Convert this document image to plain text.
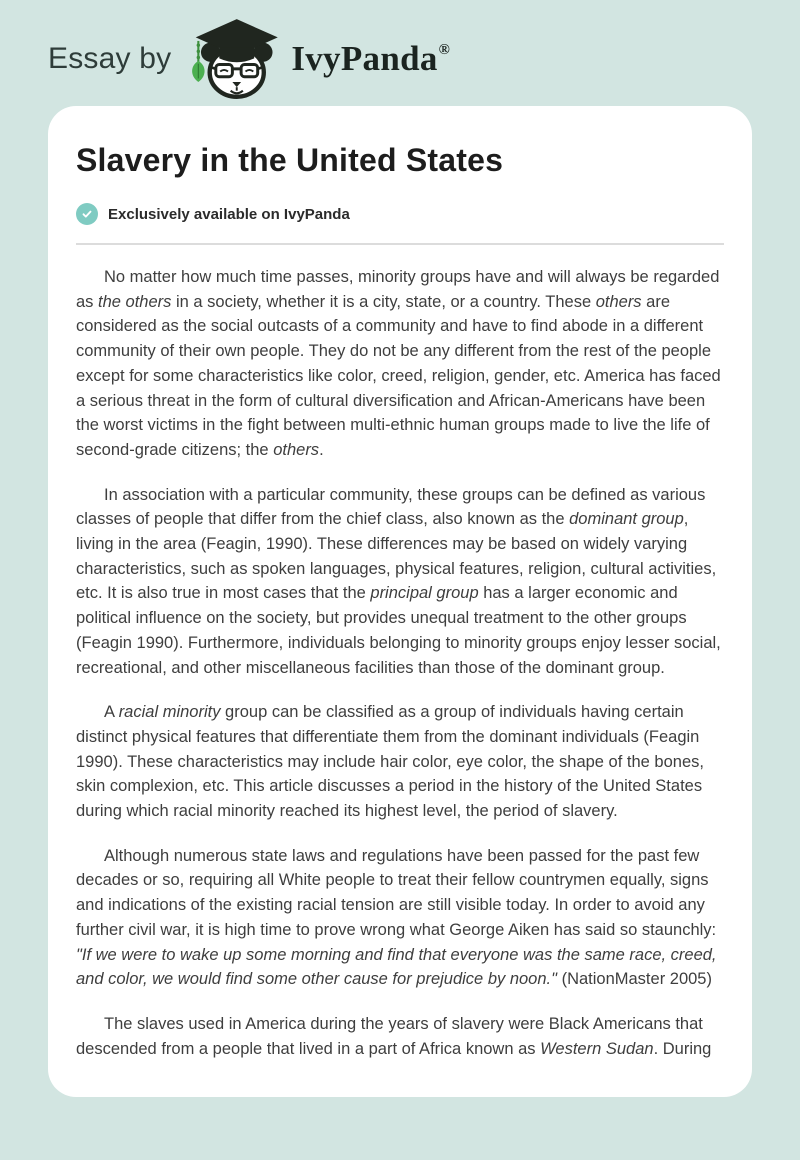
Essay by	IvyPanda®
Slavery in the United States
Exclusively available on IvyPanda

No matter how much time passes, minority groups have and will always be regarded as the others in a society, whether it is a city, state, or a country. These others are considered as the social outcasts of a community and have to find abode in a different community of their own people. They do not be any different from the rest of the people except for some characteristics like color, creed, religion, gender, etc. America has faced a serious threat in the form of cultural diversification and African-Americans have been the worst victims in the fight between multi-ethnic human groups made to live the life of second-grade citizens; the others.

In association with a particular community, these groups can be defined as various classes of people that differ from the chief class, also known as the dominant group, living in the area (Feagin, 1990). These differences may be based on widely varying characteristics, such as spoken languages, physical features, religion, cultural activities, etc. It is also true in most cases that the principal group has a larger economic and political influence on the society, but provides unequal treatment to the other groups (Feagin 1990). Furthermore, individuals belonging to minority groups enjoy lesser social, recreational, and other miscellaneous facilities than those of the dominant group.

A racial minority group can be classified as a group of individuals having certain distinct physical features that differentiate them from the dominant individuals (Feagin 1990). These characteristics may include hair color, eye color, the shape of the bones, skin complexion, etc. This article discusses a period in the history of the United States during which racial minority reached its highest level, the period of slavery.

Although numerous state laws and regulations have been passed for the past few decades or so, requiring all White people to treat their fellow countrymen equally, signs and indications of the existing racial tension are still visible today. In order to avoid any further civil war, it is high time to prove wrong what George Aiken has said so staunchly: "If we were to wake up some morning and find that everyone was the same race, creed, and color, we would find some other cause for prejudice by noon." (NationMaster 2005)

The slaves used in America during the years of slavery were Black Americans that descended from a people that lived in a part of Africa known as Western Sudan. During
